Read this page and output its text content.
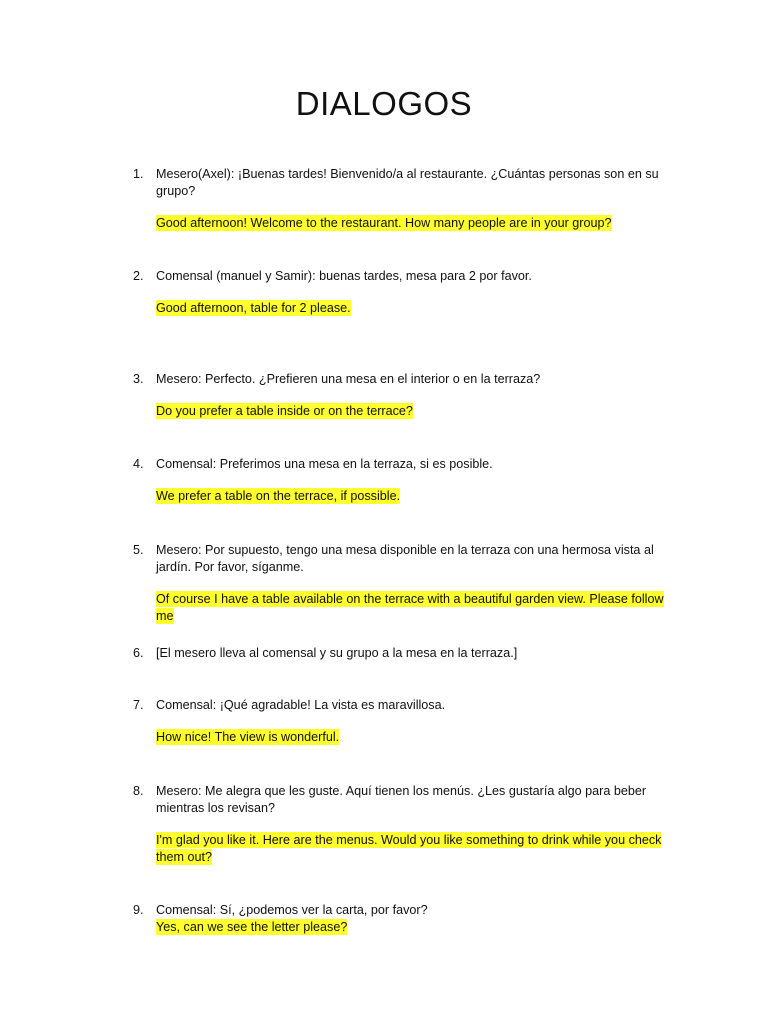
DIALOGOS
1. Mesero(Axel): ¡Buenas tardes! Bienvenido/a al restaurante. ¿Cuántas personas son en su grupo?
Good afternoon! Welcome to the restaurant. How many people are in your group?
2. Comensal (manuel y Samir): buenas tardes, mesa para 2 por favor.
Good afternoon, table for 2 please.
3. Mesero: Perfecto. ¿Prefieren una mesa en el interior o en la terraza?
Do you prefer a table inside or on the terrace?
4. Comensal: Preferimos una mesa en la terraza, si es posible.
We prefer a table on the terrace, if possible.
5. Mesero: Por supuesto, tengo una mesa disponible en la terraza con una hermosa vista al jardín. Por favor, síganme.
Of course I have a table available on the terrace with a beautiful garden view. Please follow me
6. [El mesero lleva al comensal y su grupo a la mesa en la terraza.]
7. Comensal: ¡Qué agradable! La vista es maravillosa.
How nice! The view is wonderful.
8. Mesero: Me alegra que les guste. Aquí tienen los menús. ¿Les gustaría algo para beber mientras los revisan?
I'm glad you like it. Here are the menus. Would you like something to drink while you check them out?
9. Comensal: Sí, ¿podemos ver la carta, por favor?
Yes, can we see the letter please?
